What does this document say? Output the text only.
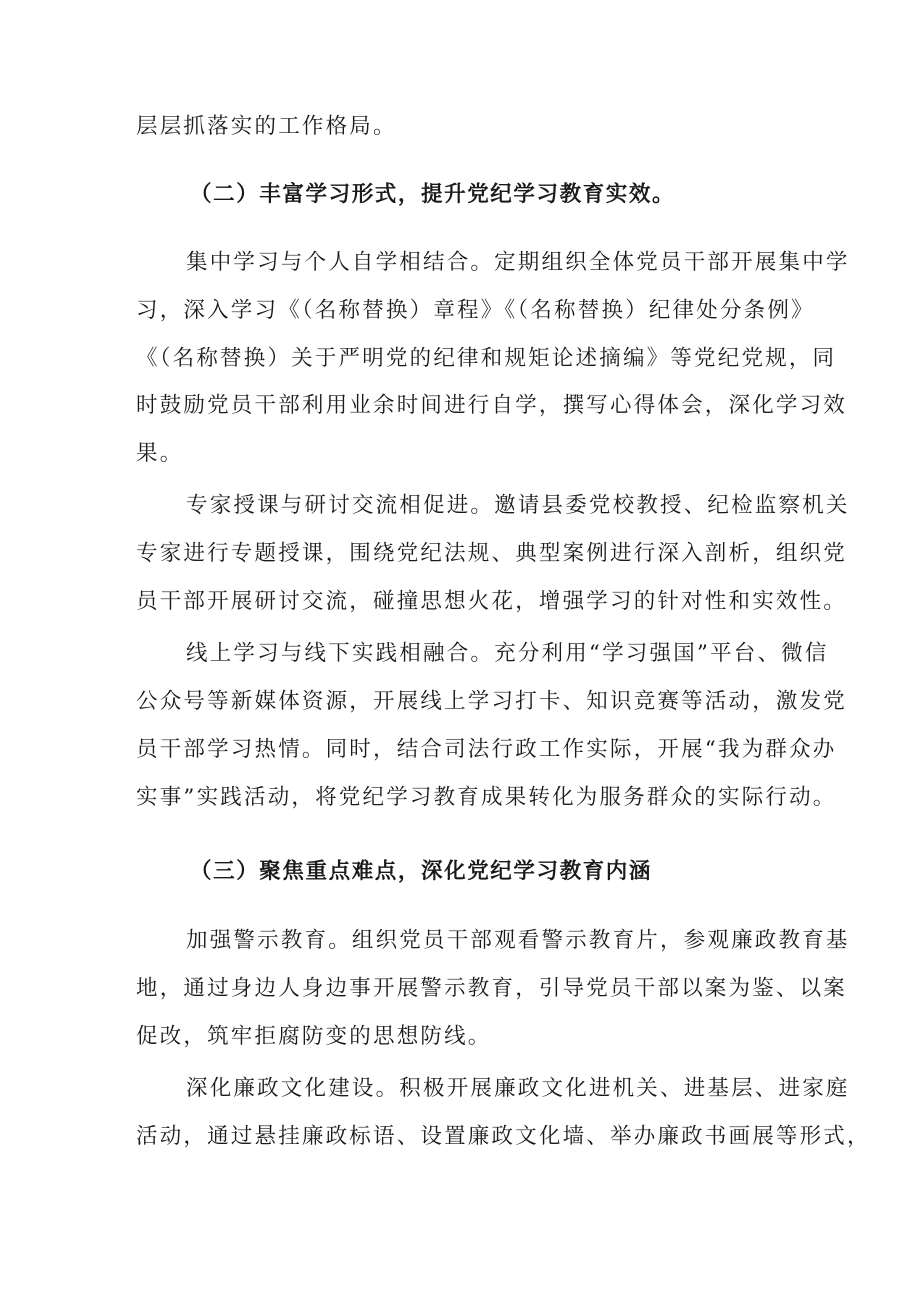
层层抓落实的工作格局。
（二）丰富学习形式，提升党纪学习教育实效。
集中学习与个人自学相结合。定期组织全体党员干部开展集中学
习，深入学习《（名称替换）章程》《（名称替换）纪律处分条例》
《（名称替换）关于严明党的纪律和规矩论述摘编》等党纪党规，同
时鼓励党员干部利用业余时间进行自学，撰写心得体会，深化学习效
果。
专家授课与研讨交流相促进。邀请县委党校教授、纪检监察机关
专家进行专题授课，围绕党纪法规、典型案例进行深入剖析，组织党
员干部开展研讨交流，碰撞思想火花，增强学习的针对性和实效性。
线上学习与线下实践相融合。充分利用“学习强国”平台、微信
公众号等新媒体资源，开展线上学习打卡、知识竞赛等活动，激发党
员干部学习热情。同时，结合司法行政工作实际，开展“我为群众办
实事”实践活动，将党纪学习教育成果转化为服务群众的实际行动。
（三）聚焦重点难点，深化党纪学习教育内涵
加强警示教育。组织党员干部观看警示教育片，参观廉政教育基
地，通过身边人身边事开展警示教育，引导党员干部以案为鉴、以案
促改，筑牢拒腐防变的思想防线。
深化廉政文化建设。积极开展廉政文化进机关、进基层、进家庭
活动，通过悬挂廉政标语、设置廉政文化墙、举办廉政书画展等形式，
